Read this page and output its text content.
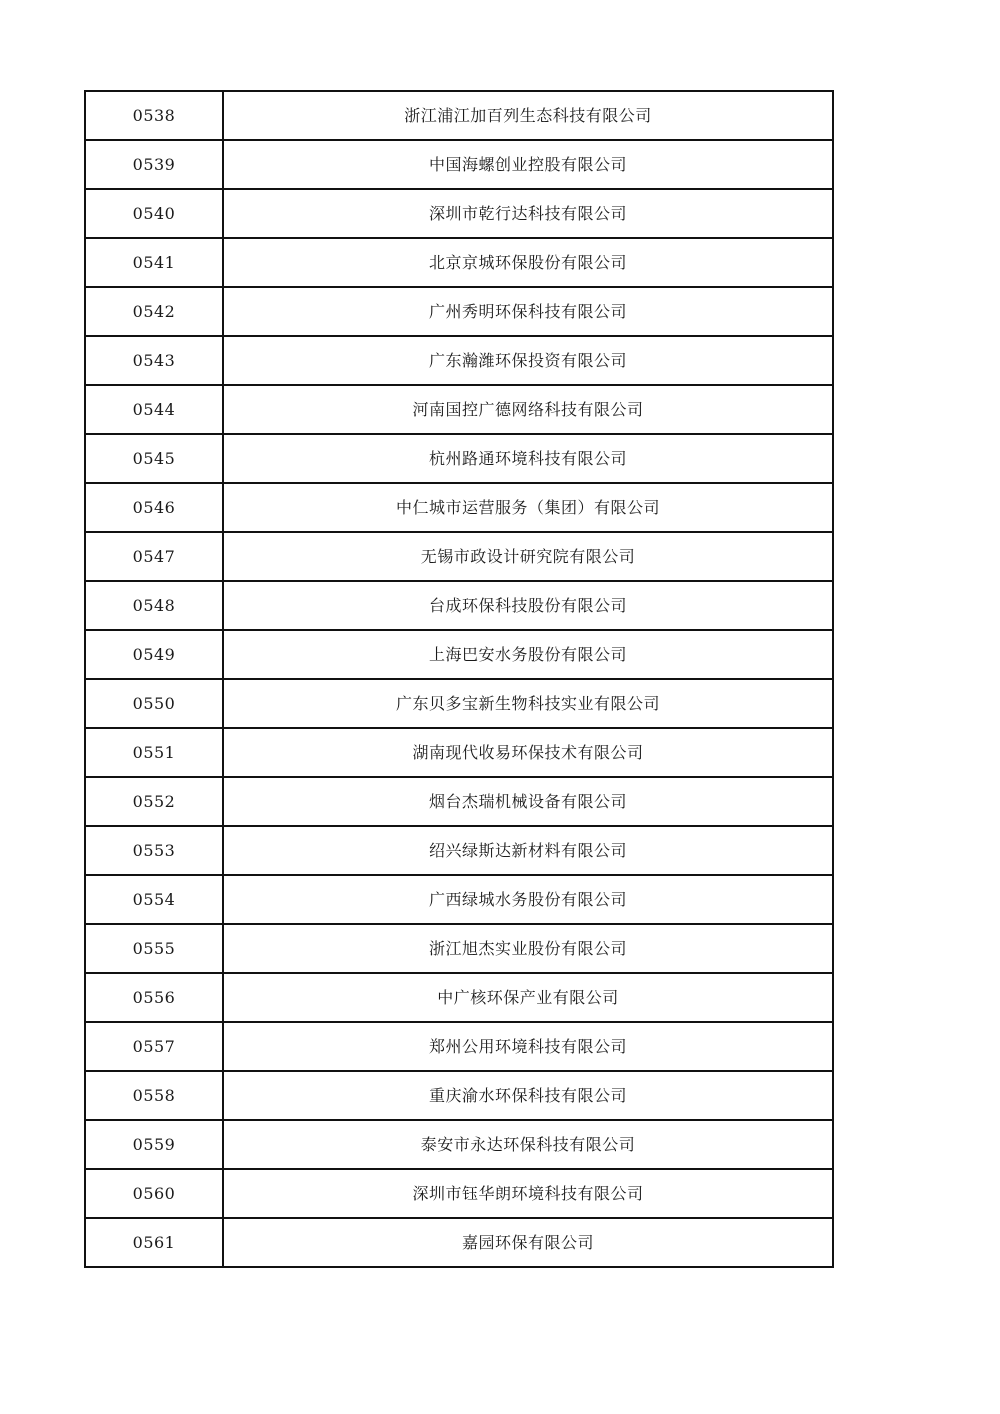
0538	浙江浦江加百列生态科技有限公司
0539	中国海螺创业控股有限公司
0540	深圳市乾行达科技有限公司
0541	北京京城环保股份有限公司
0542	广州秀明环保科技有限公司
0543	广东瀚潍环保投资有限公司
0544	河南国控广德网络科技有限公司
0545	杭州路通环境科技有限公司
0546	中仁城市运营服务（集团）有限公司
0547	无锡市政设计研究院有限公司
0548	台成环保科技股份有限公司
0549	上海巴安水务股份有限公司
0550	广东贝多宝新生物科技实业有限公司
0551	湖南现代收易环保技术有限公司
0552	烟台杰瑞机械设备有限公司
0553	绍兴绿斯达新材料有限公司
0554	广西绿城水务股份有限公司
0555	浙江旭杰实业股份有限公司
0556	中广核环保产业有限公司
0557	郑州公用环境科技有限公司
0558	重庆渝水环保科技有限公司
0559	泰安市永达环保科技有限公司
0560	深圳市钰华朗环境科技有限公司
0561	嘉园环保有限公司
